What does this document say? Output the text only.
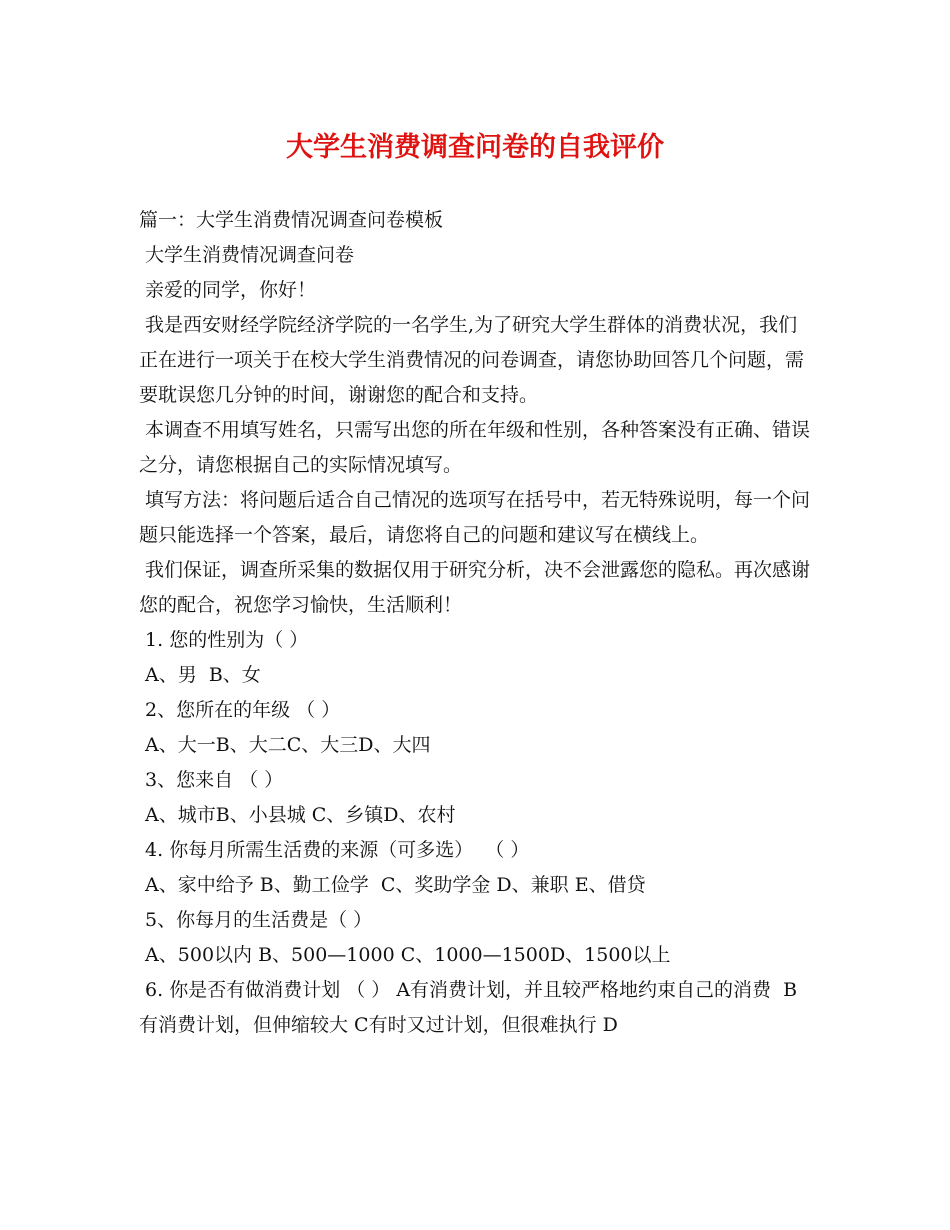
大学生消费调查问卷的自我评价

篇一：大学生消费情况调查问卷模板

大学生消费情况调查问卷

亲爱的同学，你好！

我是西安财经学院经济学院的一名学生,为了研究大学生群体的消费状况，我们正在进行一项关于在校大学生消费情况的问卷调查，请您协助回答几个问题，需要耽误您几分钟的时间，谢谢您的配合和支持。

本调查不用填写姓名，只需写出您的所在年级和性别，各种答案没有正确、错误之分，请您根据自己的实际情况填写。

填写方法：将问题后适合自己情况的选项写在括号中，若无特殊说明，每一个问题只能选择一个答案，最后，请您将自己的问题和建议写在横线上。

我们保证，调查所采集的数据仅用于研究分析，决不会泄露您的隐私。再次感谢您的配合，祝您学习愉快，生活顺利！

1. 您的性别为（ ）

A、男  B、女

2、您所在的年级 （ ）

A、大一B、大二C、大三D、大四

3、您来自 （ ）

A、城市B、小县城 C、乡镇D、农村

4. 你每月所需生活费的来源（可多选）  （ ）

A、家中给予 B、勤工俭学  C、奖助学金 D、兼职 E、借贷

5、你每月的生活费是（ ）

A、500以内 B、500—1000 C、1000—1500D、1500以上

6. 你是否有做消费计划 （ ） A有消费计划，并且较严格地约束自己的消费  B有消费计划，但伸缩较大 C有时又过计划，但很难执行 D
